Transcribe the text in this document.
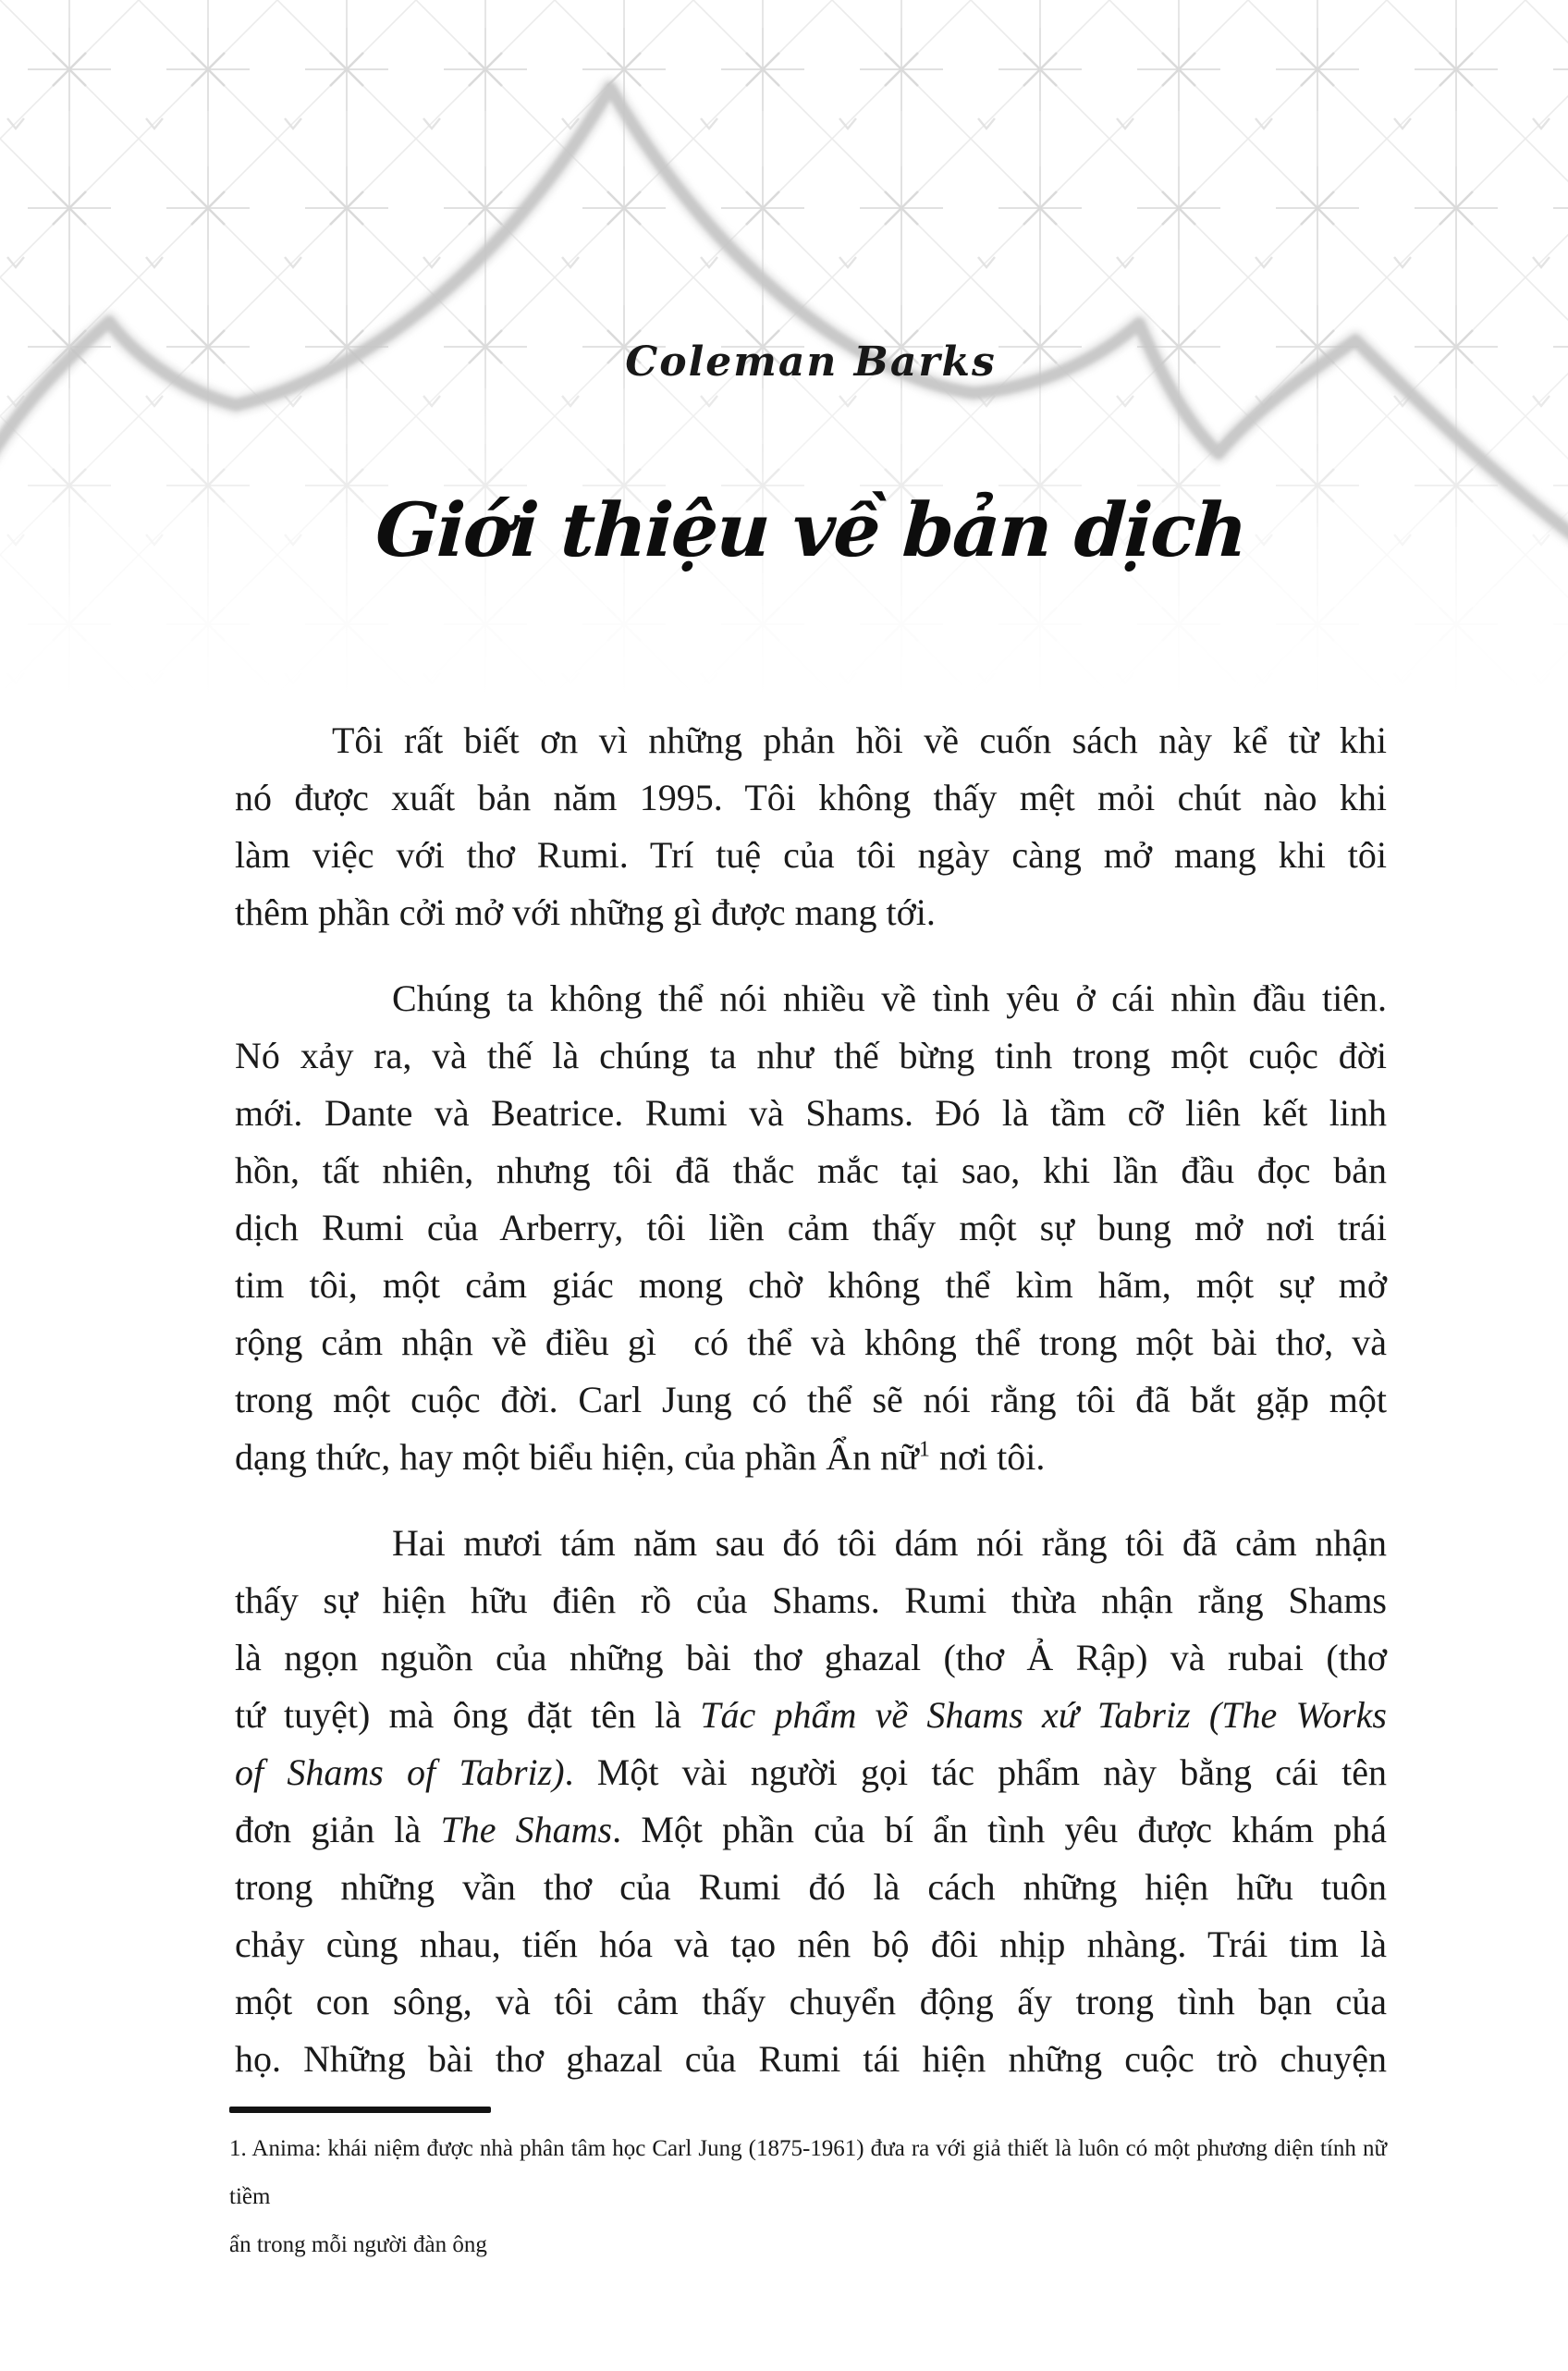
Coleman Barks
Giới thiệu về bản dịch
Tôi rất biết ơn vì những phản hồi về cuốn sách này kể từ khi
nó được xuất bản năm 1995. Tôi không thấy mệt mỏi chút nào khi
làm việc với thơ Rumi. Trí tuệ của tôi ngày càng mở mang khi tôi
thêm phần cởi mở với những gì được mang tới.
Chúng ta không thể nói nhiều về tình yêu ở cái nhìn đầu tiên.
Nó xảy ra, và thế là chúng ta như thế bừng tinh trong một cuộc đời
mới. Dante và Beatrice. Rumi và Shams. Đó là tầm cỡ liên kết linh
hồn, tất nhiên, nhưng tôi đã thắc mắc tại sao, khi lần đầu đọc bản
dịch Rumi của Arberry, tôi liền cảm thấy một sự bung mở nơi trái
tim tôi, một cảm giác mong chờ không thể kìm hãm, một sự mở
rộng cảm nhận về điều gì  có thể và không thể trong một bài thơ, và
trong một cuộc đời. Carl Jung có thể sẽ nói rằng tôi đã bắt gặp một
dạng thức, hay một biểu hiện, của phần Ẩn nữ$^1$ nơi tôi.
Hai mươi tám năm sau đó tôi dám nói rằng tôi đã cảm nhận
thấy sự hiện hữu điên rồ của Shams. Rumi thừa nhận rằng Shams
là ngọn nguồn của những bài thơ ghazal (thơ Ả Rập) và rubai (thơ
tứ tuyệt) mà ông đặt tên là Tác phẩm về Shams xứ Tabriz (The Works
of Shams of Tabriz). Một vài người gọi tác phẩm này bằng cái tên
đơn giản là The Shams. Một phần của bí ẩn tình yêu được khám phá
trong những vần thơ của Rumi đó là cách những hiện hữu tuôn
chảy cùng nhau, tiến hóa và tạo nên bộ đôi nhịp nhàng. Trái tim là
một con sông, và tôi cảm thấy chuyển động ấy trong tình bạn của
họ. Những bài thơ ghazal của Rumi tái hiện những cuộc trò chuyện
1. Anima: khái niệm được nhà phân tâm học Carl Jung (1875-1961) đưa ra với giả thiết là luôn có một phương diện tính nữ tiềm
ẩn trong mỗi người đàn ông
